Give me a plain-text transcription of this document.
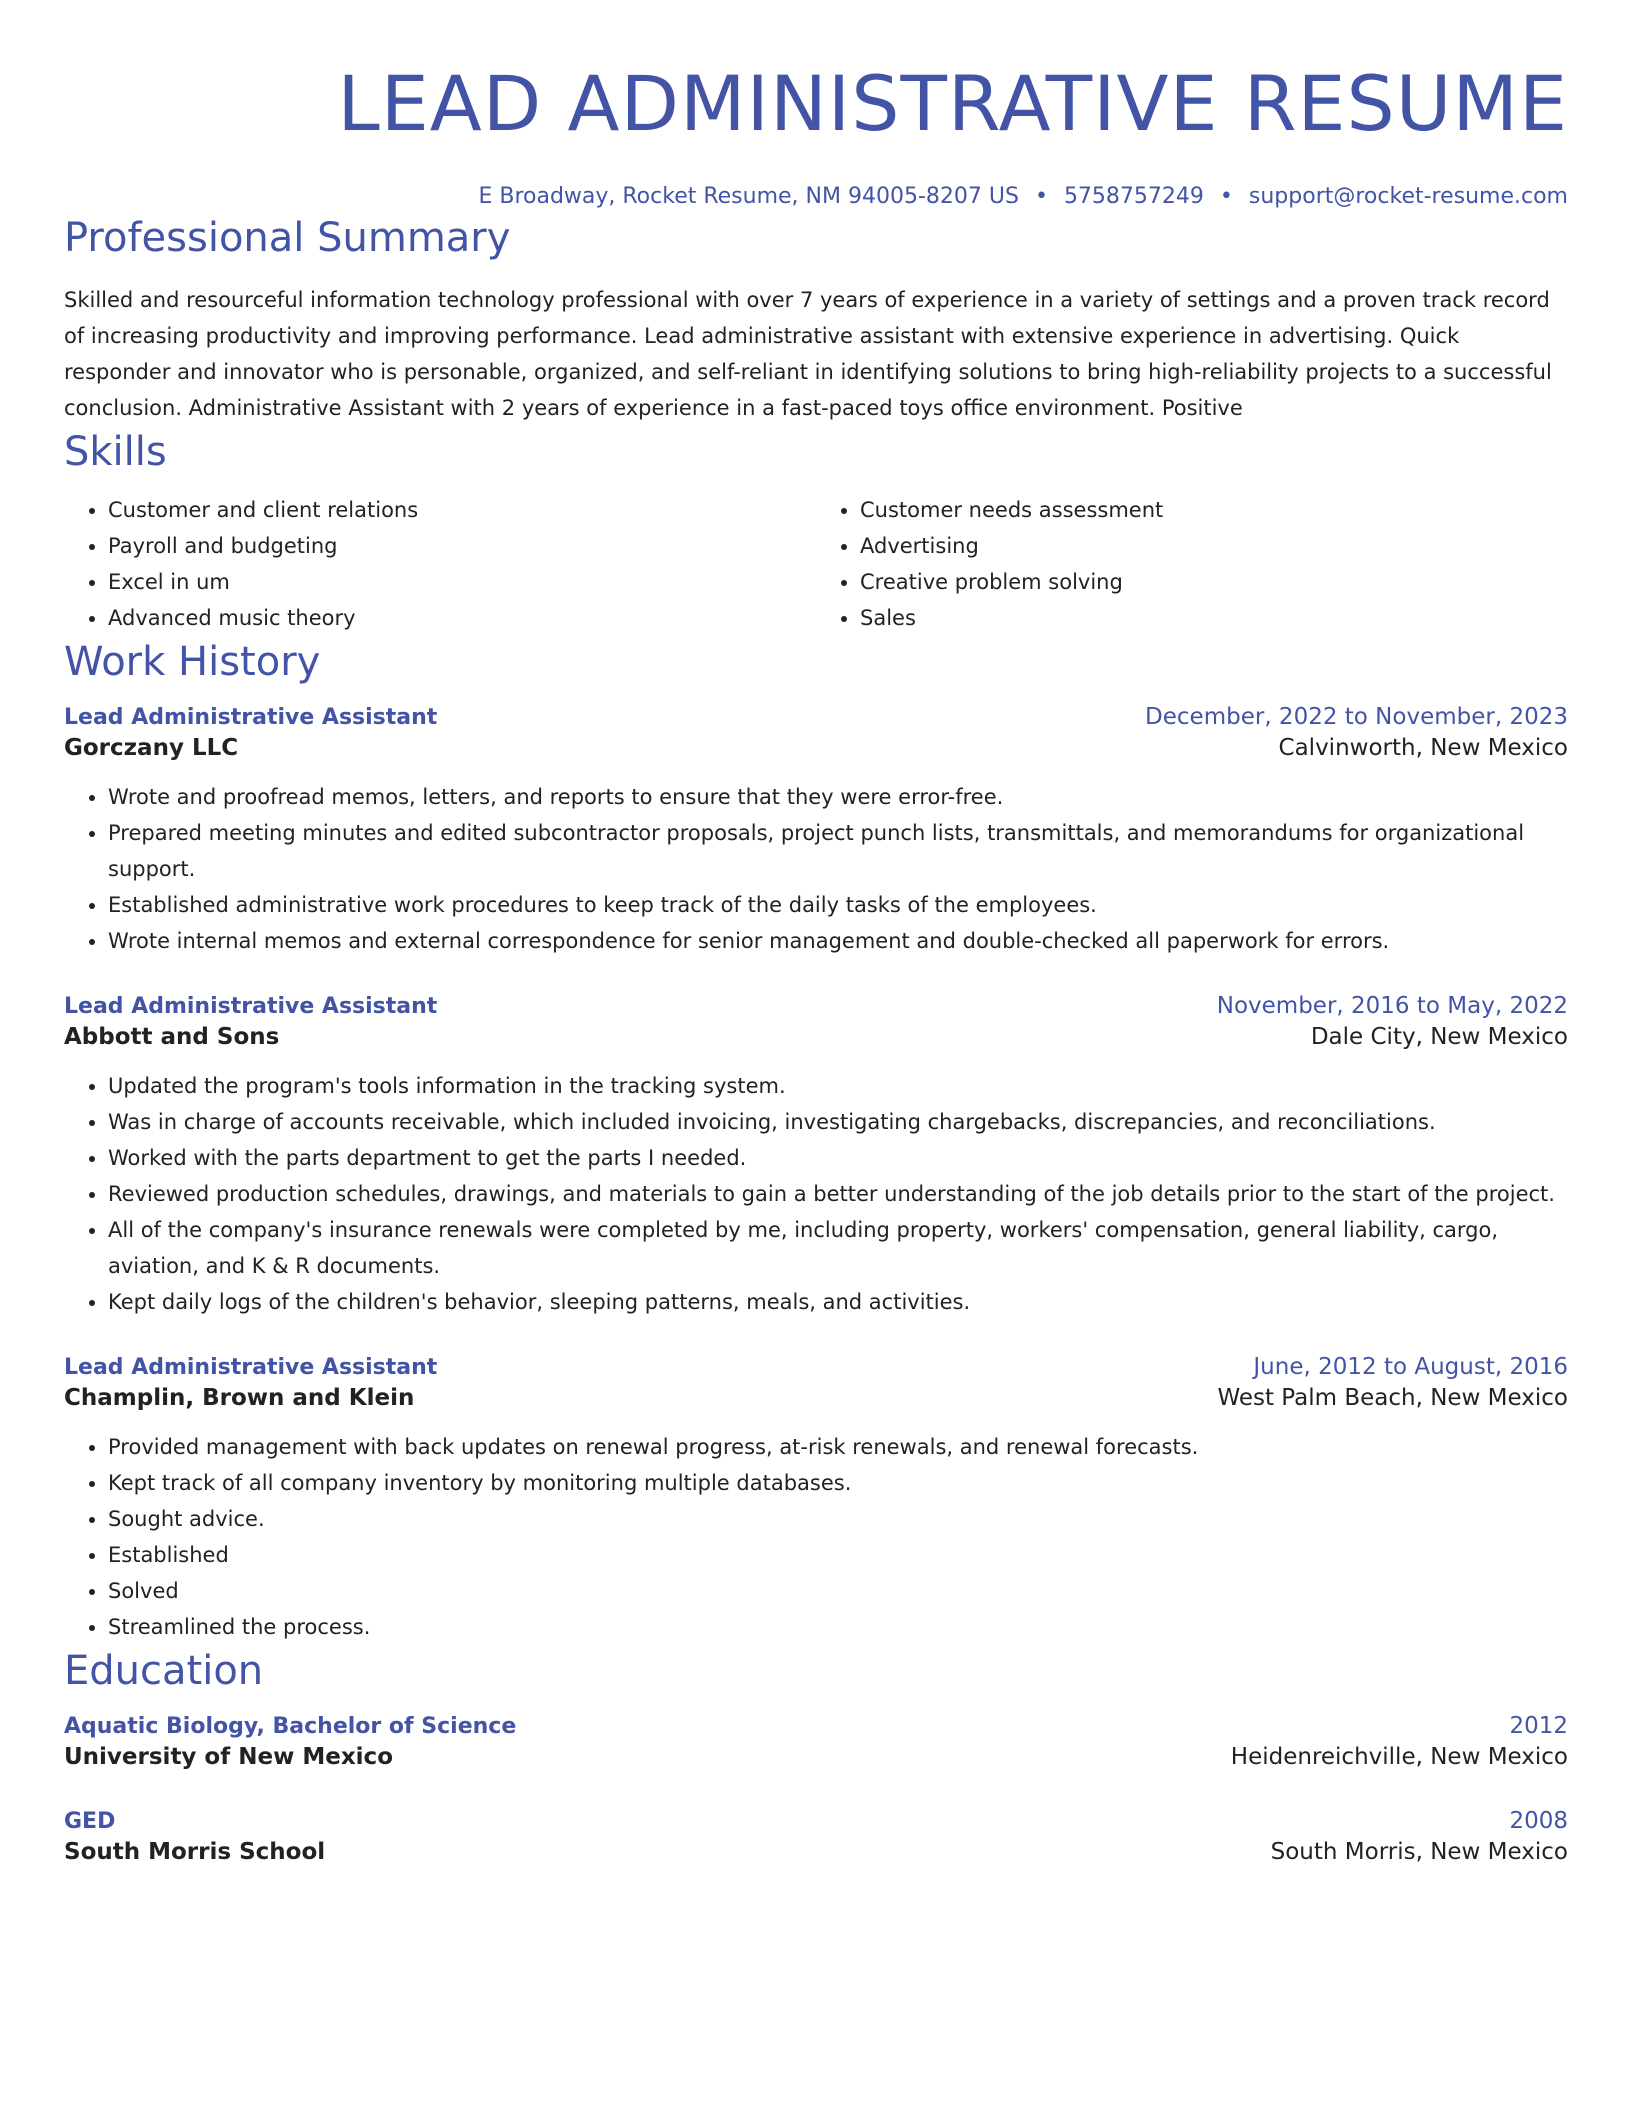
LEAD ADMINISTRATIVE RESUME
E Broadway, Rocket Resume, NM 94005-8207 US • 5758757249 • support@rocket-resume.com
Professional Summary

Skilled and resourceful information technology professional with over 7 years of experience in a variety of settings and a proven track record of increasing productivity and improving performance. Lead administrative assistant with extensive experience in advertising. Quick responder and innovator who is personable, organized, and self-reliant in identifying solutions to bring high-reliability projects to a successful conclusion. Administrative Assistant with 2 years of experience in a fast-paced toys office environment. Positive

Skills
• Customer and client relations
• Payroll and budgeting
• Excel in um
• Advanced music theory
• Customer needs assessment
• Advertising
• Creative problem solving
• Sales
Work History
Lead Administrative Assistant	December, 2022 to November, 2023
Gorczany LLC	Calvinworth, New Mexico
• Wrote and proofread memos, letters, and reports to ensure that they were error-free.
• Prepared meeting minutes and edited subcontractor proposals, project punch lists, transmittals, and memorandums for organizational support.
• Established administrative work procedures to keep track of the daily tasks of the employees.
• Wrote internal memos and external correspondence for senior management and double-checked all paperwork for errors.
Lead Administrative Assistant	November, 2016 to May, 2022
Abbott and Sons	Dale City, New Mexico
• Updated the program's tools information in the tracking system.
• Was in charge of accounts receivable, which included invoicing, investigating chargebacks, discrepancies, and reconciliations.
• Worked with the parts department to get the parts I needed.
• Reviewed production schedules, drawings, and materials to gain a better understanding of the job details prior to the start of the project.
• All of the company's insurance renewals were completed by me, including property, workers' compensation, general liability, cargo, aviation, and K & R documents.
• Kept daily logs of the children's behavior, sleeping patterns, meals, and activities.
Lead Administrative Assistant	June, 2012 to August, 2016
Champlin, Brown and Klein	West Palm Beach, New Mexico
• Provided management with back updates on renewal progress, at-risk renewals, and renewal forecasts.
• Kept track of all company inventory by monitoring multiple databases.
• Sought advice.
• Established
• Solved
• Streamlined the process.
Education
Aquatic Biology, Bachelor of Science	2012
University of New Mexico	Heidenreichville, New Mexico
GED	2008
South Morris School	South Morris, New Mexico
